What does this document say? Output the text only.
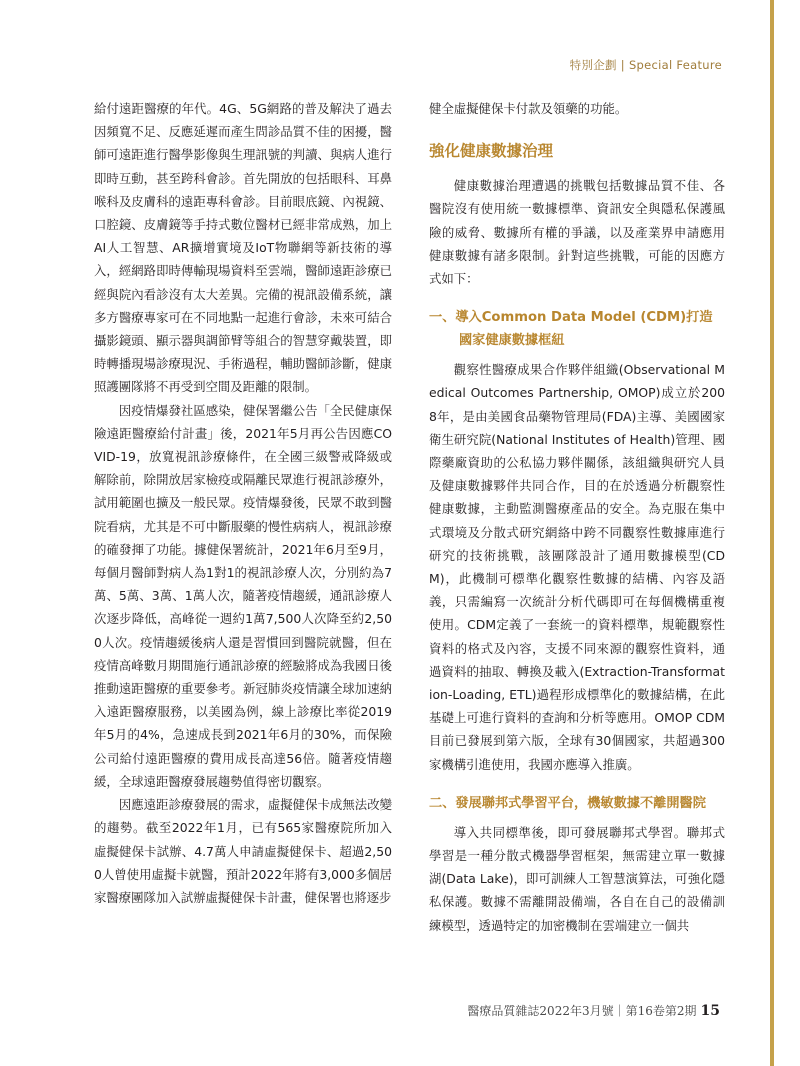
特別企劃 | Special Feature

給付遠距醫療的年代。4G、5G網路的普及解決了過去因頻寬不足、反應延遲而產生問診品質不佳的困擾，醫師可遠距進行醫學影像與生理訊號的判讀、與病人進行即時互動，甚至跨科會診。首先開放的包括眼科、耳鼻喉科及皮膚科的遠距專科會診。目前眼底鏡、內視鏡、口腔鏡、皮膚鏡等手持式數位醫材已經非常成熟，加上AI人工智慧、AR擴增實境及IoT物聯網等新技術的導入，經網路即時傳輸現場資料至雲端，醫師遠距診療已經與院內看診沒有太大差異。完備的視訊設備系統，讓多方醫療專家可在不同地點一起進行會診，未來可結合攝影鏡頭、顯示器與調節臂等組合的智慧穿戴裝置，即時轉播現場診療現況、手術過程，輔助醫師診斷，健康照護團隊將不再受到空間及距離的限制。

因疫情爆發社區感染，健保署繼公告「全民健康保險遠距醫療給付計畫」後，2021年5月再公告因應COVID-19，放寬視訊診療條件，在全國三級警戒降級或解除前，除開放居家檢疫或隔離民眾進行視訊診療外，試用範圍也擴及一般民眾。疫情爆發後，民眾不敢到醫院看病，尤其是不可中斷服藥的慢性病病人，視訊診療的確發揮了功能。據健保署統計，2021年6月至9月，每個月醫師對病人為1對1的視訊診療人次，分別約為7萬、5萬、3萬、1萬人次，隨著疫情趨緩，通訊診療人次逐步降低，高峰從一週約1萬7,500人次降至約2,500人次。疫情趨緩後病人還是習慣回到醫院就醫，但在疫情高峰數月期間施行通訊診療的經驗將成為我國日後推動遠距醫療的重要參考。新冠肺炎疫情讓全球加速納入遠距醫療服務，以美國為例，線上診療比率從2019年5月的4%，急速成長到2021年6月的30%，而保險公司給付遠距醫療的費用成長高達56倍。隨著疫情趨緩，全球遠距醫療發展趨勢值得密切觀察。

因應遠距診療發展的需求，虛擬健保卡成無法改變的趨勢。截至2022年1月，已有565家醫療院所加入虛擬健保卡試辦、4.7萬人申請虛擬健保卡、超過2,500人曾使用虛擬卡就醫，預計2022年將有3,000多個居家醫療團隊加入試辦虛擬健保卡計畫，健保署也將逐步

健全虛擬健保卡付款及領藥的功能。

強化健康數據治理

健康數據治理遭遇的挑戰包括數據品質不佳、各醫院沒有使用統一數據標準、資訊安全與隱私保護風險的威脅、數據所有權的爭議，以及產業界申請應用健康數據有諸多限制。針對這些挑戰，可能的因應方式如下：

一、導入Common Data Model (CDM)打造國家健康數據框紐

觀察性醫療成果合作夥伴組織(Observational Medical Outcomes Partnership, OMOP)成立於2008年，是由美國食品藥物管理局(FDA)主導、美國國家衛生研究院(National Institutes of Health)管理、國際藥廠資助的公私協力夥伴關係，該組織與研究人員及健康數據夥伴共同合作，目的在於透過分析觀察性健康數據，主動監測醫療產品的安全。為克服在集中式環境及分散式研究網絡中跨不同觀察性數據庫進行研究的技術挑戰，該團隊設計了通用數據模型(CDM)，此機制可標準化觀察性數據的結構、內容及語義，只需編寫一次統計分析代碼即可在每個機構重複使用。CDM定義了一套統一的資料標準，規範觀察性資料的格式及內容，支援不同來源的觀察性資料，通過資料的抽取、轉換及載入(Extraction-Transformation-Loading, ETL)過程形成標準化的數據結構，在此基礎上可進行資料的查詢和分析等應用。OMOP CDM目前已發展到第六版，全球有30個國家，共超過300家機構引進使用，我國亦應導入推廣。

二、發展聯邦式學習平台，機敏數據不離開醫院

導入共同標準後，即可發展聯邦式學習。聯邦式學習是一種分散式機器學習框架，無需建立單一數據湖(Data Lake)，即可訓練人工智慧演算法，可強化隱私保護。數據不需離開設備端，各自在自己的設備訓練模型，透過特定的加密機制在雲端建立一個共

醫療品質雜誌2022年3月號｜第16卷第2期 15
